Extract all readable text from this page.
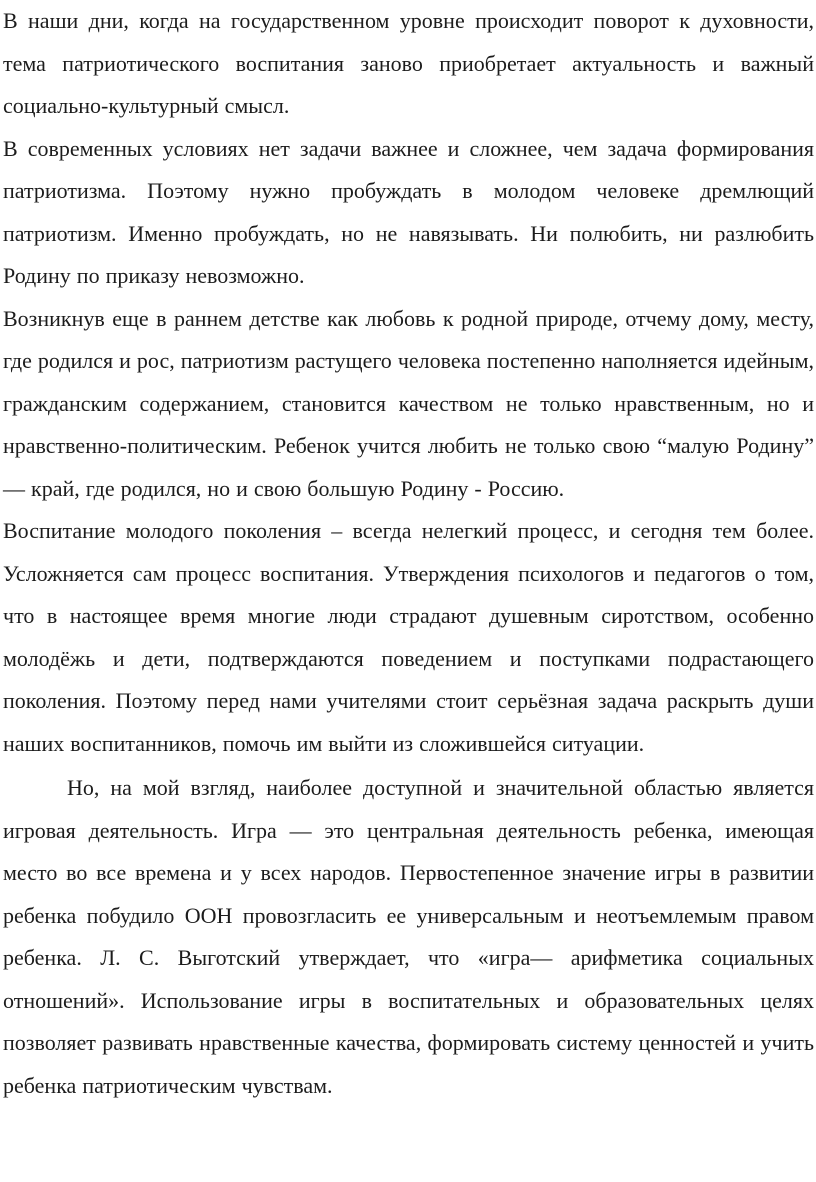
В наши дни, когда на государственном уровне происходит поворот к духовности, тема патриотического воспитания заново приобретает актуальность и важный социально-культурный смысл.

В современных условиях нет задачи важнее и сложнее, чем задача формирования патриотизма. Поэтому нужно пробуждать в молодом человеке дремлющий патриотизм. Именно пробуждать, но не навязывать. Ни полюбить, ни разлюбить Родину по приказу невозможно.

Возникнув еще в раннем детстве как любовь к родной природе, отчему дому, месту, где родился и рос, патриотизм растущего человека постепенно наполняется идейным, гражданским содержанием, становится качеством не только нравственным, но и нравственно-политическим. Ребенок учится любить не только свою “малую Родину” — край, где родился, но и свою большую Родину - Россию.

Воспитание молодого поколения – всегда нелегкий процесс, и сегодня тем более. Усложняется сам процесс воспитания. Утверждения психологов и педагогов о том, что в настоящее время многие люди страдают душевным сиротством, особенно молодёжь и дети, подтверждаются поведением и поступками подрастающего поколения. Поэтому перед нами учителями стоит серьёзная задача раскрыть души наших воспитанников, помочь им выйти из сложившейся ситуации.

Но, на мой взгляд, наиболее доступной и значительной областью является игровая деятельность. Игра — это центральная деятельность ребенка, имеющая место во все времена и у всех народов. Первостепенное значение игры в развитии ребенка побудило ООН провозгласить ее универсальным и неотъемлемым правом ребенка. Л. С. Выготский утверждает, что «игра— арифметика социальных отношений». Использование игры в воспитательных и образовательных целях позволяет развивать нравственные качества, формировать систему ценностей и учить ребенка патриотическим чувствам.
